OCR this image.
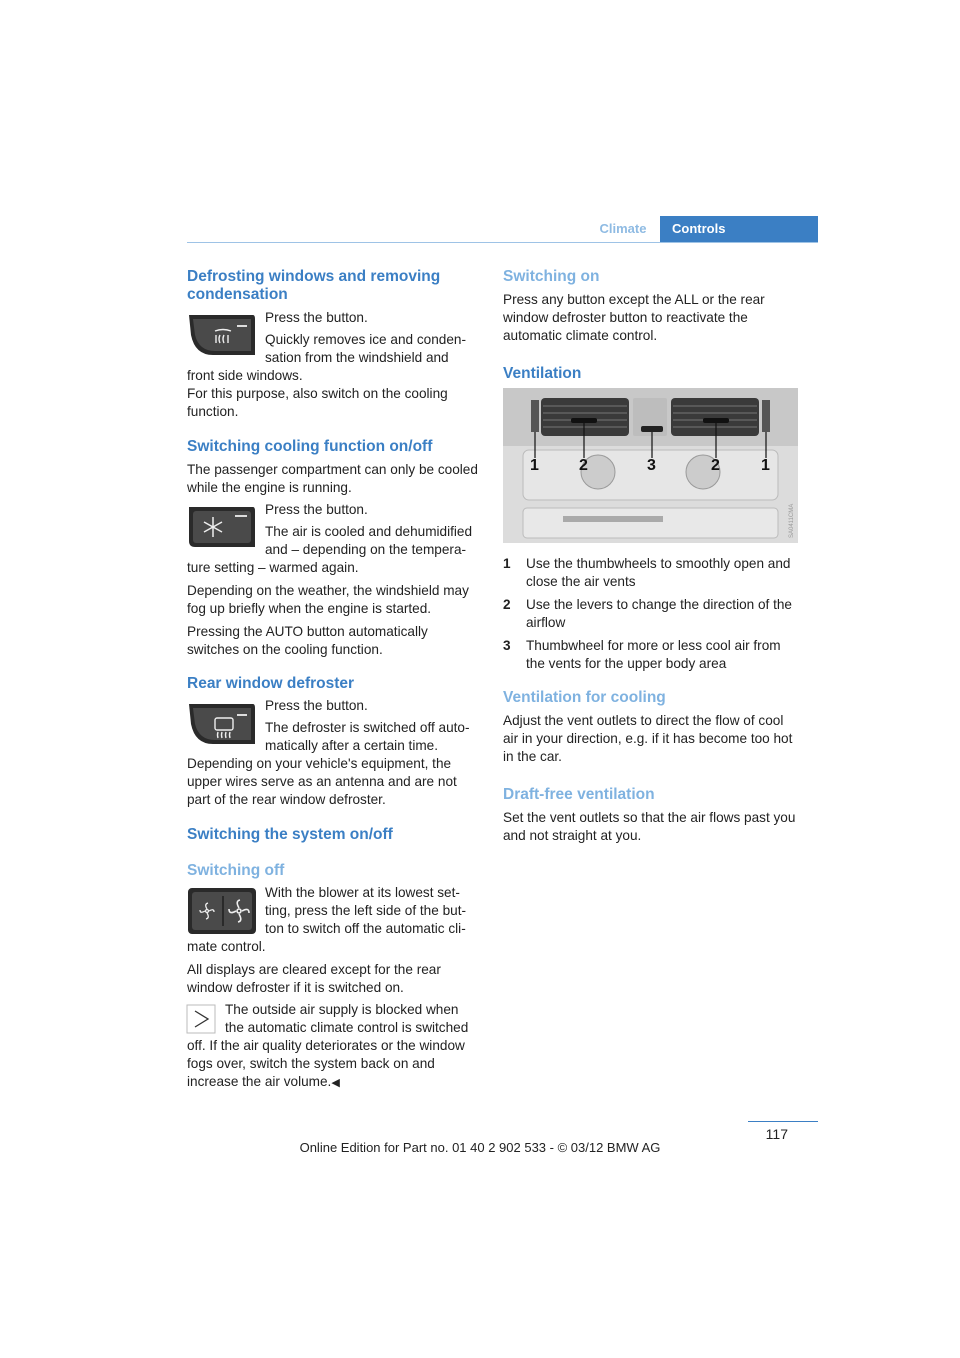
Climate	Controls

Defrosting windows and removing condensation

Press the button.

Quickly removes ice and conden-

sation from the windshield and

front side windows.

For this purpose, also switch on the cooling function.

Switching cooling function on/off

The passenger compartment can only be cooled while the engine is running.

Press the button.

The air is cooled and dehumidified

and – depending on the tempera-

ture setting – warmed again.

Depending on the weather, the windshield may fog up briefly when the engine is started.

Pressing the AUTO button automatically switches on the cooling function.

Rear window defroster

Press the button.

The defroster is switched off auto-

matically after a certain time.

Depending on your vehicle's equipment, the upper wires serve as an antenna and are not part of the rear window defroster.

Switching the system on/off

Switching off

With the blower at its lowest set-

ting, press the left side of the but-

ton to switch off the automatic cli-

mate control.

All displays are cleared except for the rear window defroster if it is switched on.

The outside air supply is blocked when

the automatic climate control is switched

off. If the air quality deteriorates or the window fogs over, switch the system back on and increase the air volume.◀

Switching on

Press any button except the ALL or the rear window defroster button to reactivate the automatic climate control.

Ventilation

1	2	3	2	1
SA0411CMA
1 Use the thumbwheels to smoothly open and close the air vents
2 Use the levers to change the direction of the airflow
3 Thumbwheel for more or less cool air from the vents for the upper body area

Ventilation for cooling

Adjust the vent outlets to direct the flow of cool air in your direction, e.g. if it has become too hot in the car.

Draft-free ventilation

Set the vent outlets so that the air flows past you and not straight at you.

117
Online Edition for Part no. 01 40 2 902 533 - © 03/12 BMW AG
